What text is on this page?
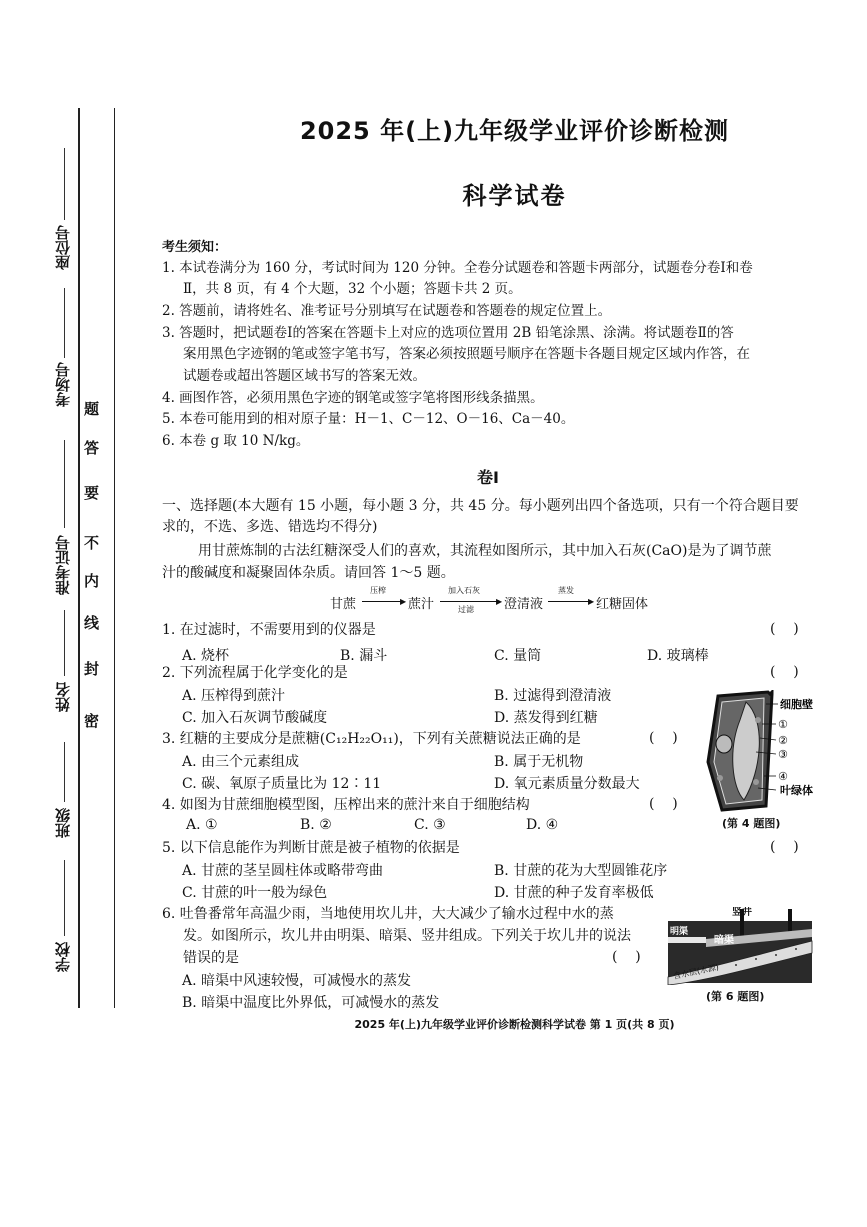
座位号
考场号
准考证号
姓名
班级
学校
题
答
要
不
内
线
封
密
2025 年(上)九年级学业评价诊断检测
科学试卷
考生须知：
1. 本试卷满分为 160 分，考试时间为 120 分钟。全卷分试题卷和答题卡两部分，试题卷分卷Ⅰ和卷
Ⅱ，共 8 页，有 4 个大题，32 个小题；答题卡共 2 页。
2. 答题前，请将姓名、准考证号分别填写在试题卷和答题卷的规定位置上。
3. 答题时，把试题卷Ⅰ的答案在答题卡上对应的选项位置用 2B 铅笔涂黑、涂满。将试题卷Ⅱ的答
案用黑色字迹钢的笔或签字笔书写，答案必须按照题号顺序在答题卡各题目规定区域内作答，在
试题卷或超出答题区域书写的答案无效。
4. 画图作答，必须用黑色字迹的钢笔或签字笔将图形线条描黑。
5. 本卷可能用到的相对原子量：H－1、C－12、O－16、Ca－40。
6. 本卷 g 取 10 N/kg。
卷Ⅰ
一、选择题(本大题有 15 小题，每小题 3 分，共 45 分。每小题列出四个备选项，只有一个符合题目要
求的，不选、多选、错选均不得分)
用甘蔗炼制的古法红糖深受人们的喜欢，其流程如图所示，其中加入石灰(CaO)是为了调节蔗
汁的酸碱度和凝聚固体杂质。请回答 1～5 题。
甘蔗
压榨
▶ 蔗汁
加入石灰
▶
过滤 澄清液
蒸发
▶ 红糖固体
1. 在过滤时，不需要用到的仪器是	(    )
A. 烧杯	B. 漏斗	C. 量筒	D. 玻璃棒
2. 下列流程属于化学变化的是	(    )
A. 压榨得到蔗汁	B. 过滤得到澄清液
C. 加入石灰调节酸碱度	D. 蒸发得到红糖
3. 红糖的主要成分是蔗糖(C₁₂H₂₂O₁₁)，下列有关蔗糖说法正确的是	(    )
A. 由三个元素组成	B. 属于无机物
C. 碳、氧原子质量比为 12∶11	D. 氧元素质量分数最大
4. 如图为甘蔗细胞模型图，压榨出来的蔗汁来自于细胞结构	(    )
A. ①	B. ②	C. ③	D. ④
5. 以下信息能作为判断甘蔗是被子植物的依据是	(    )
A. 甘蔗的茎呈圆柱体或略带弯曲	B. 甘蔗的花为大型圆锥花序
C. 甘蔗的叶一般为绿色	D. 甘蔗的种子发育率极低
6. 吐鲁番常年高温少雨，当地使用坎儿井，大大减少了输水过程中水的蒸
发。如图所示，坎儿井由明渠、暗渠、竖井组成。下列关于坎儿井的说法
错误的是	(    )
A. 暗渠中风速较慢，可减慢水的蒸发
B. 暗渠中温度比外界低，可减慢水的蒸发
细胞壁
①
②
③
④
叶绿体
(第 4 题图)
竖井
明渠
暗渠
含水层(水源)
(第 6 题图)
2025 年(上)九年级学业评价诊断检测科学试卷 第 1 页(共 8 页)
